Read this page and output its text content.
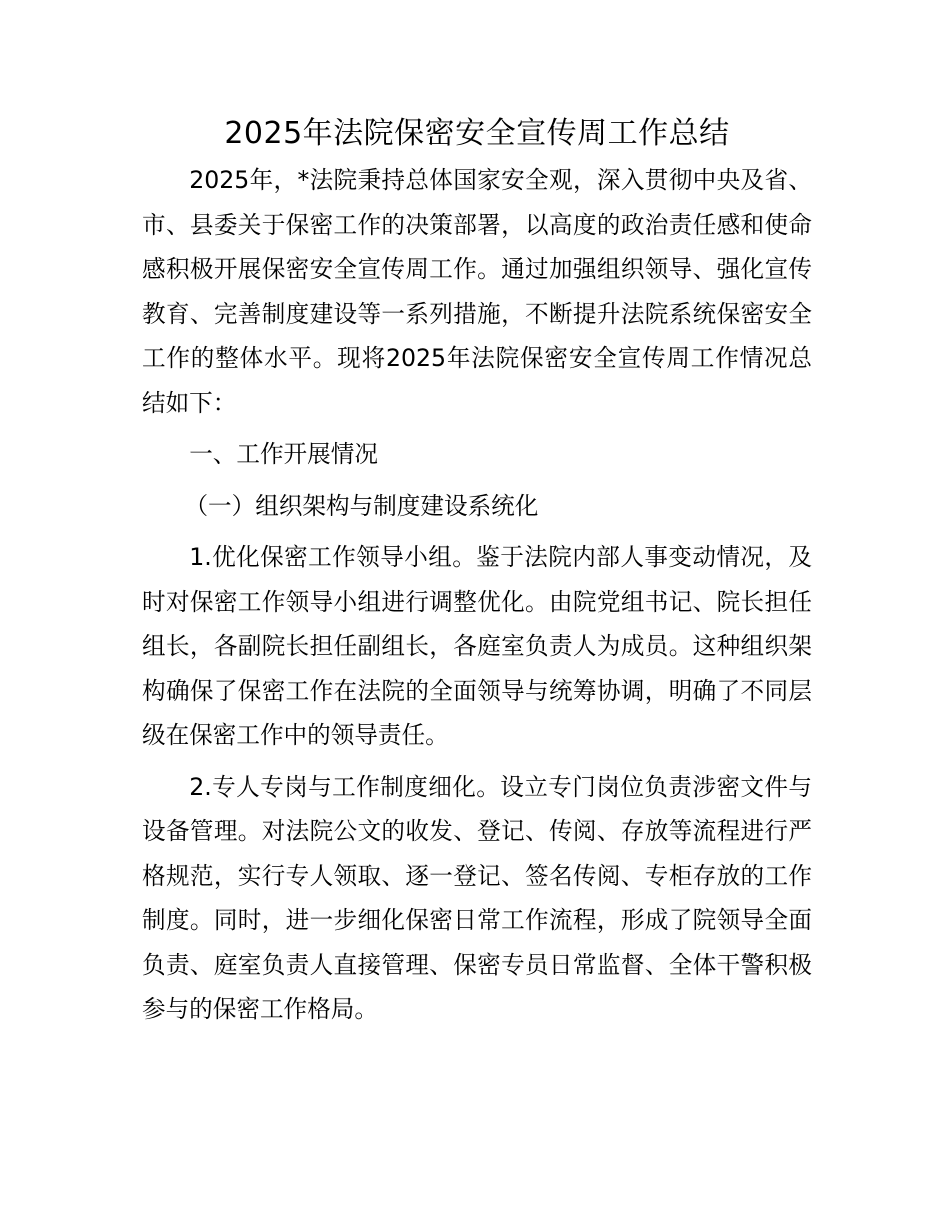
2025年法院保密安全宣传周工作总结

2025年，*法院秉持总体国家安全观，深入贯彻中央及省、市、县委关于保密工作的决策部署，以高度的政治责任感和使命感积极开展保密安全宣传周工作。通过加强组织领导、强化宣传教育、完善制度建设等一系列措施，不断提升法院系统保密安全工作的整体水平。现将2025年法院保密安全宣传周工作情况总结如下：

一、工作开展情况

（一）组织架构与制度建设系统化

1.优化保密工作领导小组。鉴于法院内部人事变动情况，及时对保密工作领导小组进行调整优化。由院党组书记、院长担任组长，各副院长担任副组长，各庭室负责人为成员。这种组织架构确保了保密工作在法院的全面领导与统筹协调，明确了不同层级在保密工作中的领导责任。

2.专人专岗与工作制度细化。设立专门岗位负责涉密文件与设备管理。对法院公文的收发、登记、传阅、存放等流程进行严格规范，实行专人领取、逐一登记、签名传阅、专柜存放的工作制度。同时，进一步细化保密日常工作流程，形成了院领导全面负责、庭室负责人直接管理、保密专员日常监督、全体干警积极参与的保密工作格局。
